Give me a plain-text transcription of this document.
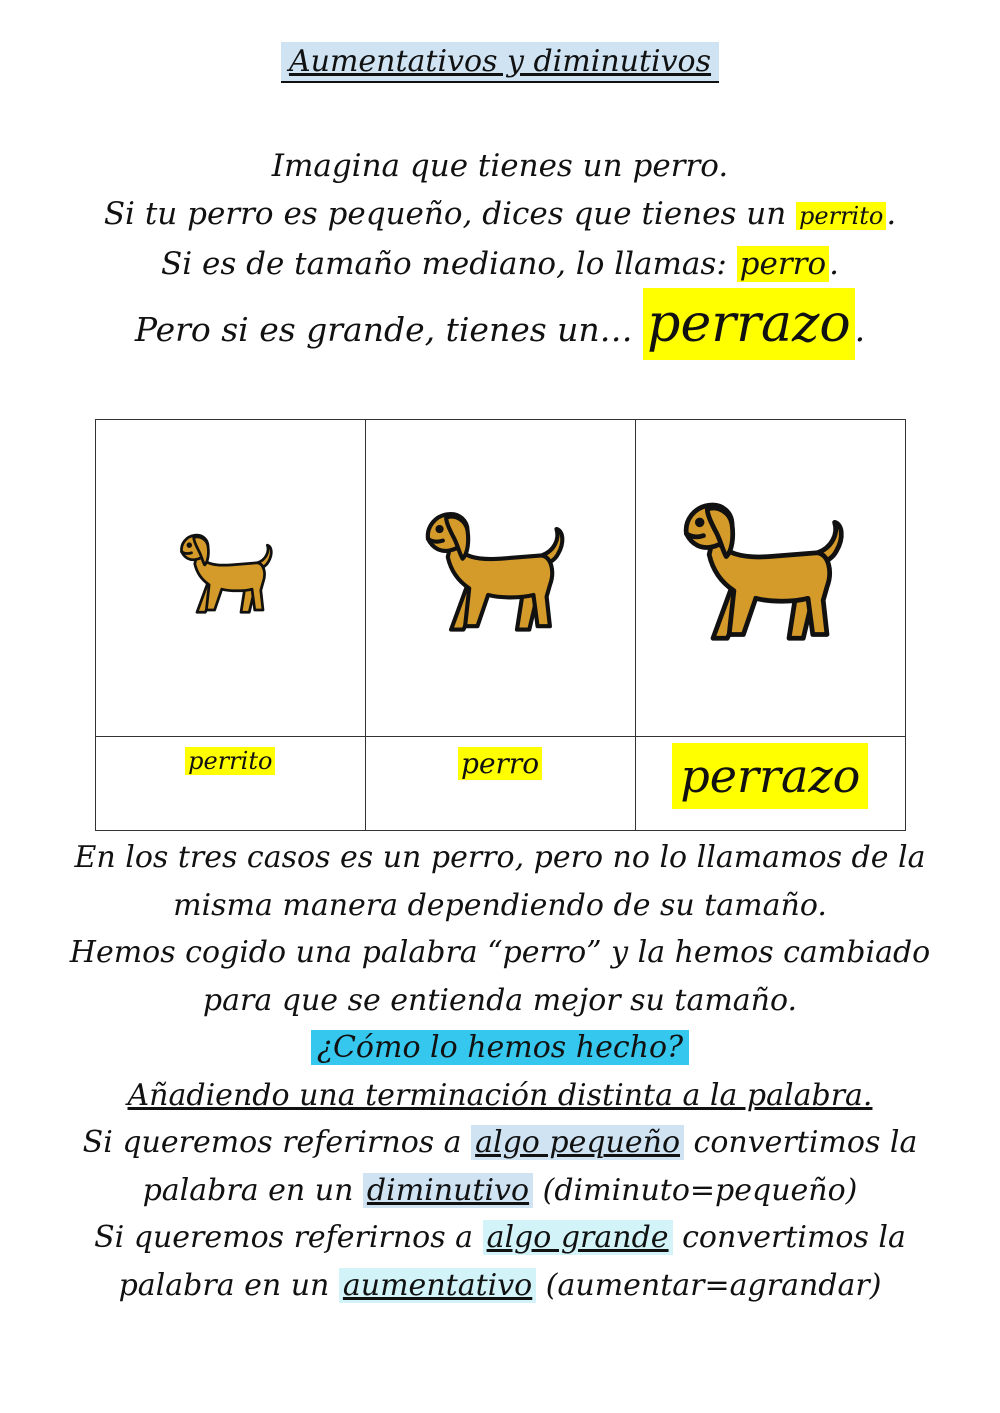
Aumentativos y diminutivos
Imagina que tienes un perro.
Si tu perro es pequeño, dices que tienes un perrito.
Si es de tamaño mediano, lo llamas: perro.
Pero si es grande, tienes un… perrazo .

perrito	perro	perrazo
En los tres casos es un perro, pero no lo llamamos de la
misma manera dependiendo de su tamaño.
Hemos cogido una palabra “perro” y la hemos cambiado
para que se entienda mejor su tamaño.
¿Cómo lo hemos hecho?
Añadiendo una terminación distinta a la palabra.
Si queremos referirnos a algo pequeño convertimos la
palabra en un diminutivo (diminuto=pequeño)
Si queremos referirnos a algo grande convertimos la
palabra en un aumentativo (aumentar=agrandar)
